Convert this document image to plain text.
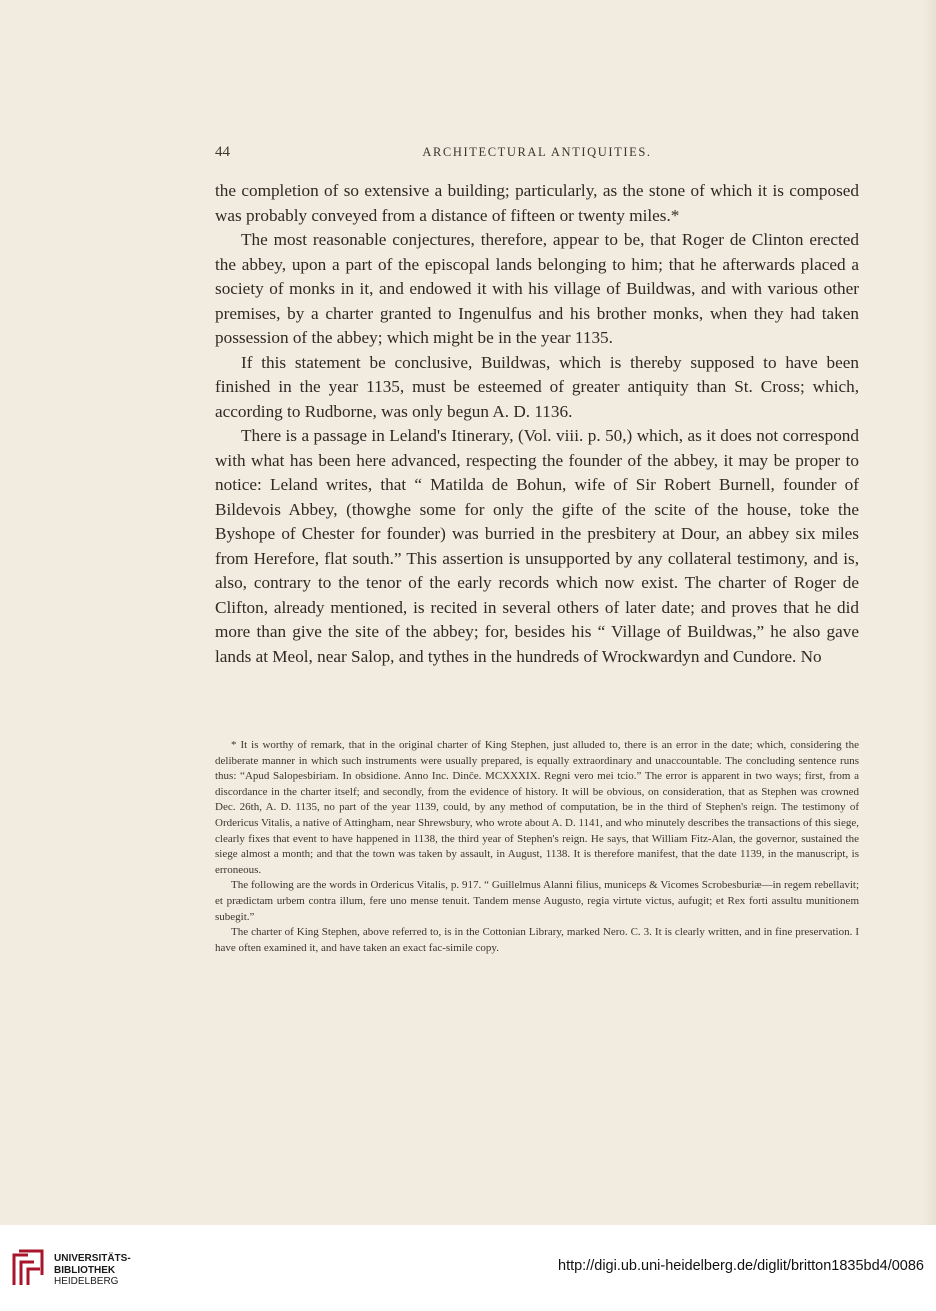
44	ARCHITECTURAL ANTIQUITIES.

the completion of so extensive a building; particularly, as the stone of which it is composed was probably conveyed from a distance of fifteen or twenty miles.*

The most reasonable conjectures, therefore, appear to be, that Roger de Clinton erected the abbey, upon a part of the episcopal lands belonging to him; that he afterwards placed a society of monks in it, and endowed it with his village of Buildwas, and with various other premises, by a charter granted to Ingenulfus and his brother monks, when they had taken possession of the abbey; which might be in the year 1135.

If this statement be conclusive, Buildwas, which is thereby supposed to have been finished in the year 1135, must be esteemed of greater antiquity than St. Cross; which, according to Rudborne, was only begun A. D. 1136.

There is a passage in Leland's Itinerary, (Vol. viii. p. 50,) which, as it does not correspond with what has been here advanced, respecting the founder of the abbey, it may be proper to notice: Leland writes, that “ Matilda de Bohun, wife of Sir Robert Burnell, founder of Bildevois Abbey, (thowghe some for only the gifte of the scite of the house, toke the Byshope of Chester for founder) was burried in the presbitery at Dour, an abbey six miles from Herefore, flat south.” This assertion is unsupported by any collateral testimony, and is, also, contrary to the tenor of the early records which now exist. The charter of Roger de Clifton, already mentioned, is recited in several others of later date; and proves that he did more than give the site of the abbey; for, besides his “ Village of Buildwas,” he also gave lands at Meol, near Salop, and tythes in the hundreds of Wrockwardyn and Cundore. No

* It is worthy of remark, that in the original charter of King Stephen, just alluded to, there is an error in the date; which, considering the deliberate manner in which such instruments were usually prepared, is equally extraordinary and unaccountable. The concluding sentence runs thus: “Apud Salopesbiriam. In obsidione. Anno Inc. Dinc̄e. MCXXXIX. Regni vero mei tcio.” The error is apparent in two ways; first, from a discordance in the charter itself; and secondly, from the evidence of history. It will be obvious, on consideration, that as Stephen was crowned Dec. 26th, A. D. 1135, no part of the year 1139, could, by any method of computation, be in the third of Stephen's reign. The testimony of Ordericus Vitalis, a native of Attingham, near Shrewsbury, who wrote about A. D. 1141, and who minutely describes the transactions of this siege, clearly fixes that event to have happened in 1138, the third year of Stephen's reign. He says, that William Fitz-Alan, the governor, sustained the siege almost a month; and that the town was taken by assault, in August, 1138. It is therefore manifest, that the date 1139, in the manuscript, is erroneous.

The following are the words in Ordericus Vitalis, p. 917. “ Guillelmus Alanni filius, municeps & Vicomes Scrobesburiæ—in regem rebellavit; et prædictam urbem contra illum, fere uno mense tenuit. Tandem mense Augusto, regia virtute victus, aufugit; et Rex forti assultu munitionem subegit.”

The charter of King Stephen, above referred to, is in the Cottonian Library, marked Nero. C. 3. It is clearly written, and in fine preservation. I have often examined it, and have taken an exact fac-simile copy.

UNIVERSITÄTS-
BIBLIOTHEK
HEIDELBERG
http://digi.ub.uni-heidelberg.de/diglit/britton1835bd4/0086
